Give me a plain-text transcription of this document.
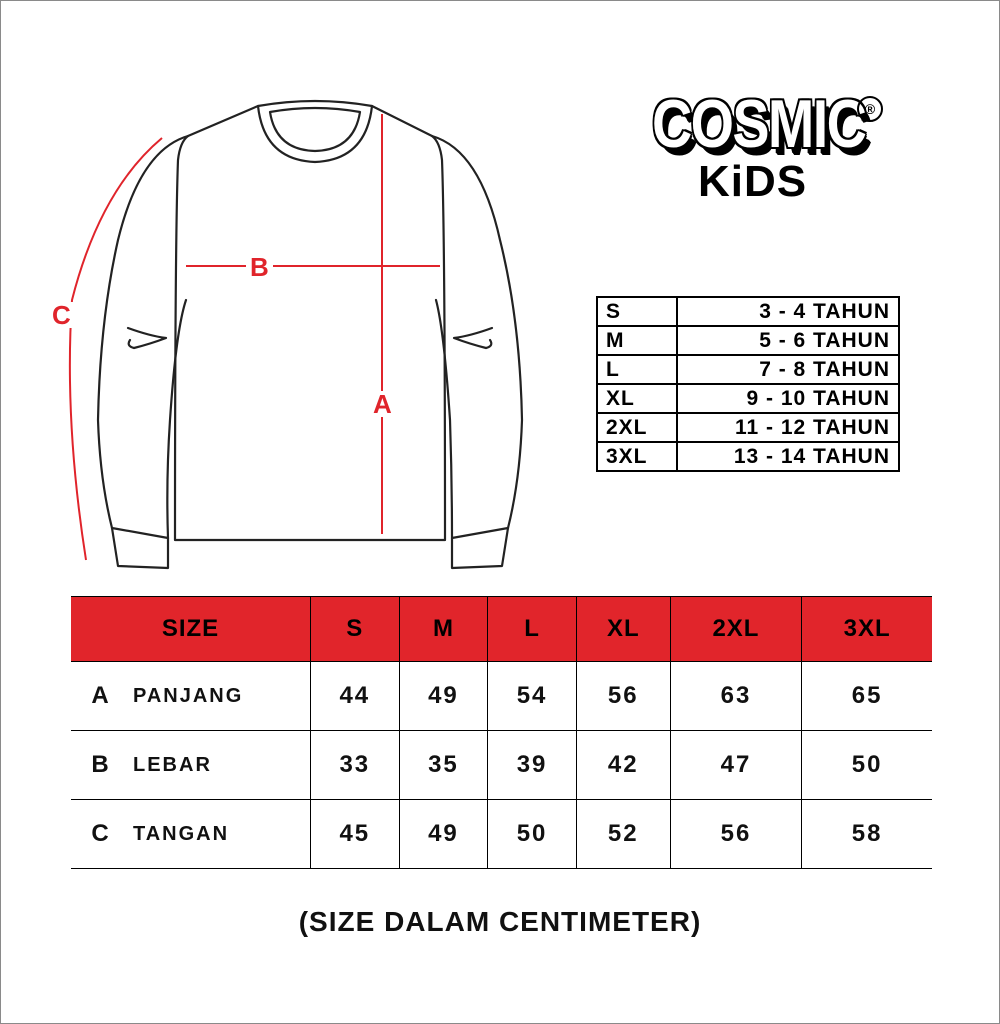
A
B
C
COSMIC ®
KiDS
S	3 - 4 TAHUN
M	5 - 6 TAHUN
L	7 - 8 TAHUN
XL	9 - 10 TAHUN
2XL	11 - 12 TAHUN
3XL	13 - 14 TAHUN
SIZE		S	M	L	XL	2XL	3XL
A	PANJANG	44	49	54	56	63	65
B	LEBAR	33	35	39	42	47	50
C	TANGAN	45	49	50	52	56	58
(SIZE DALAM CENTIMETER)
